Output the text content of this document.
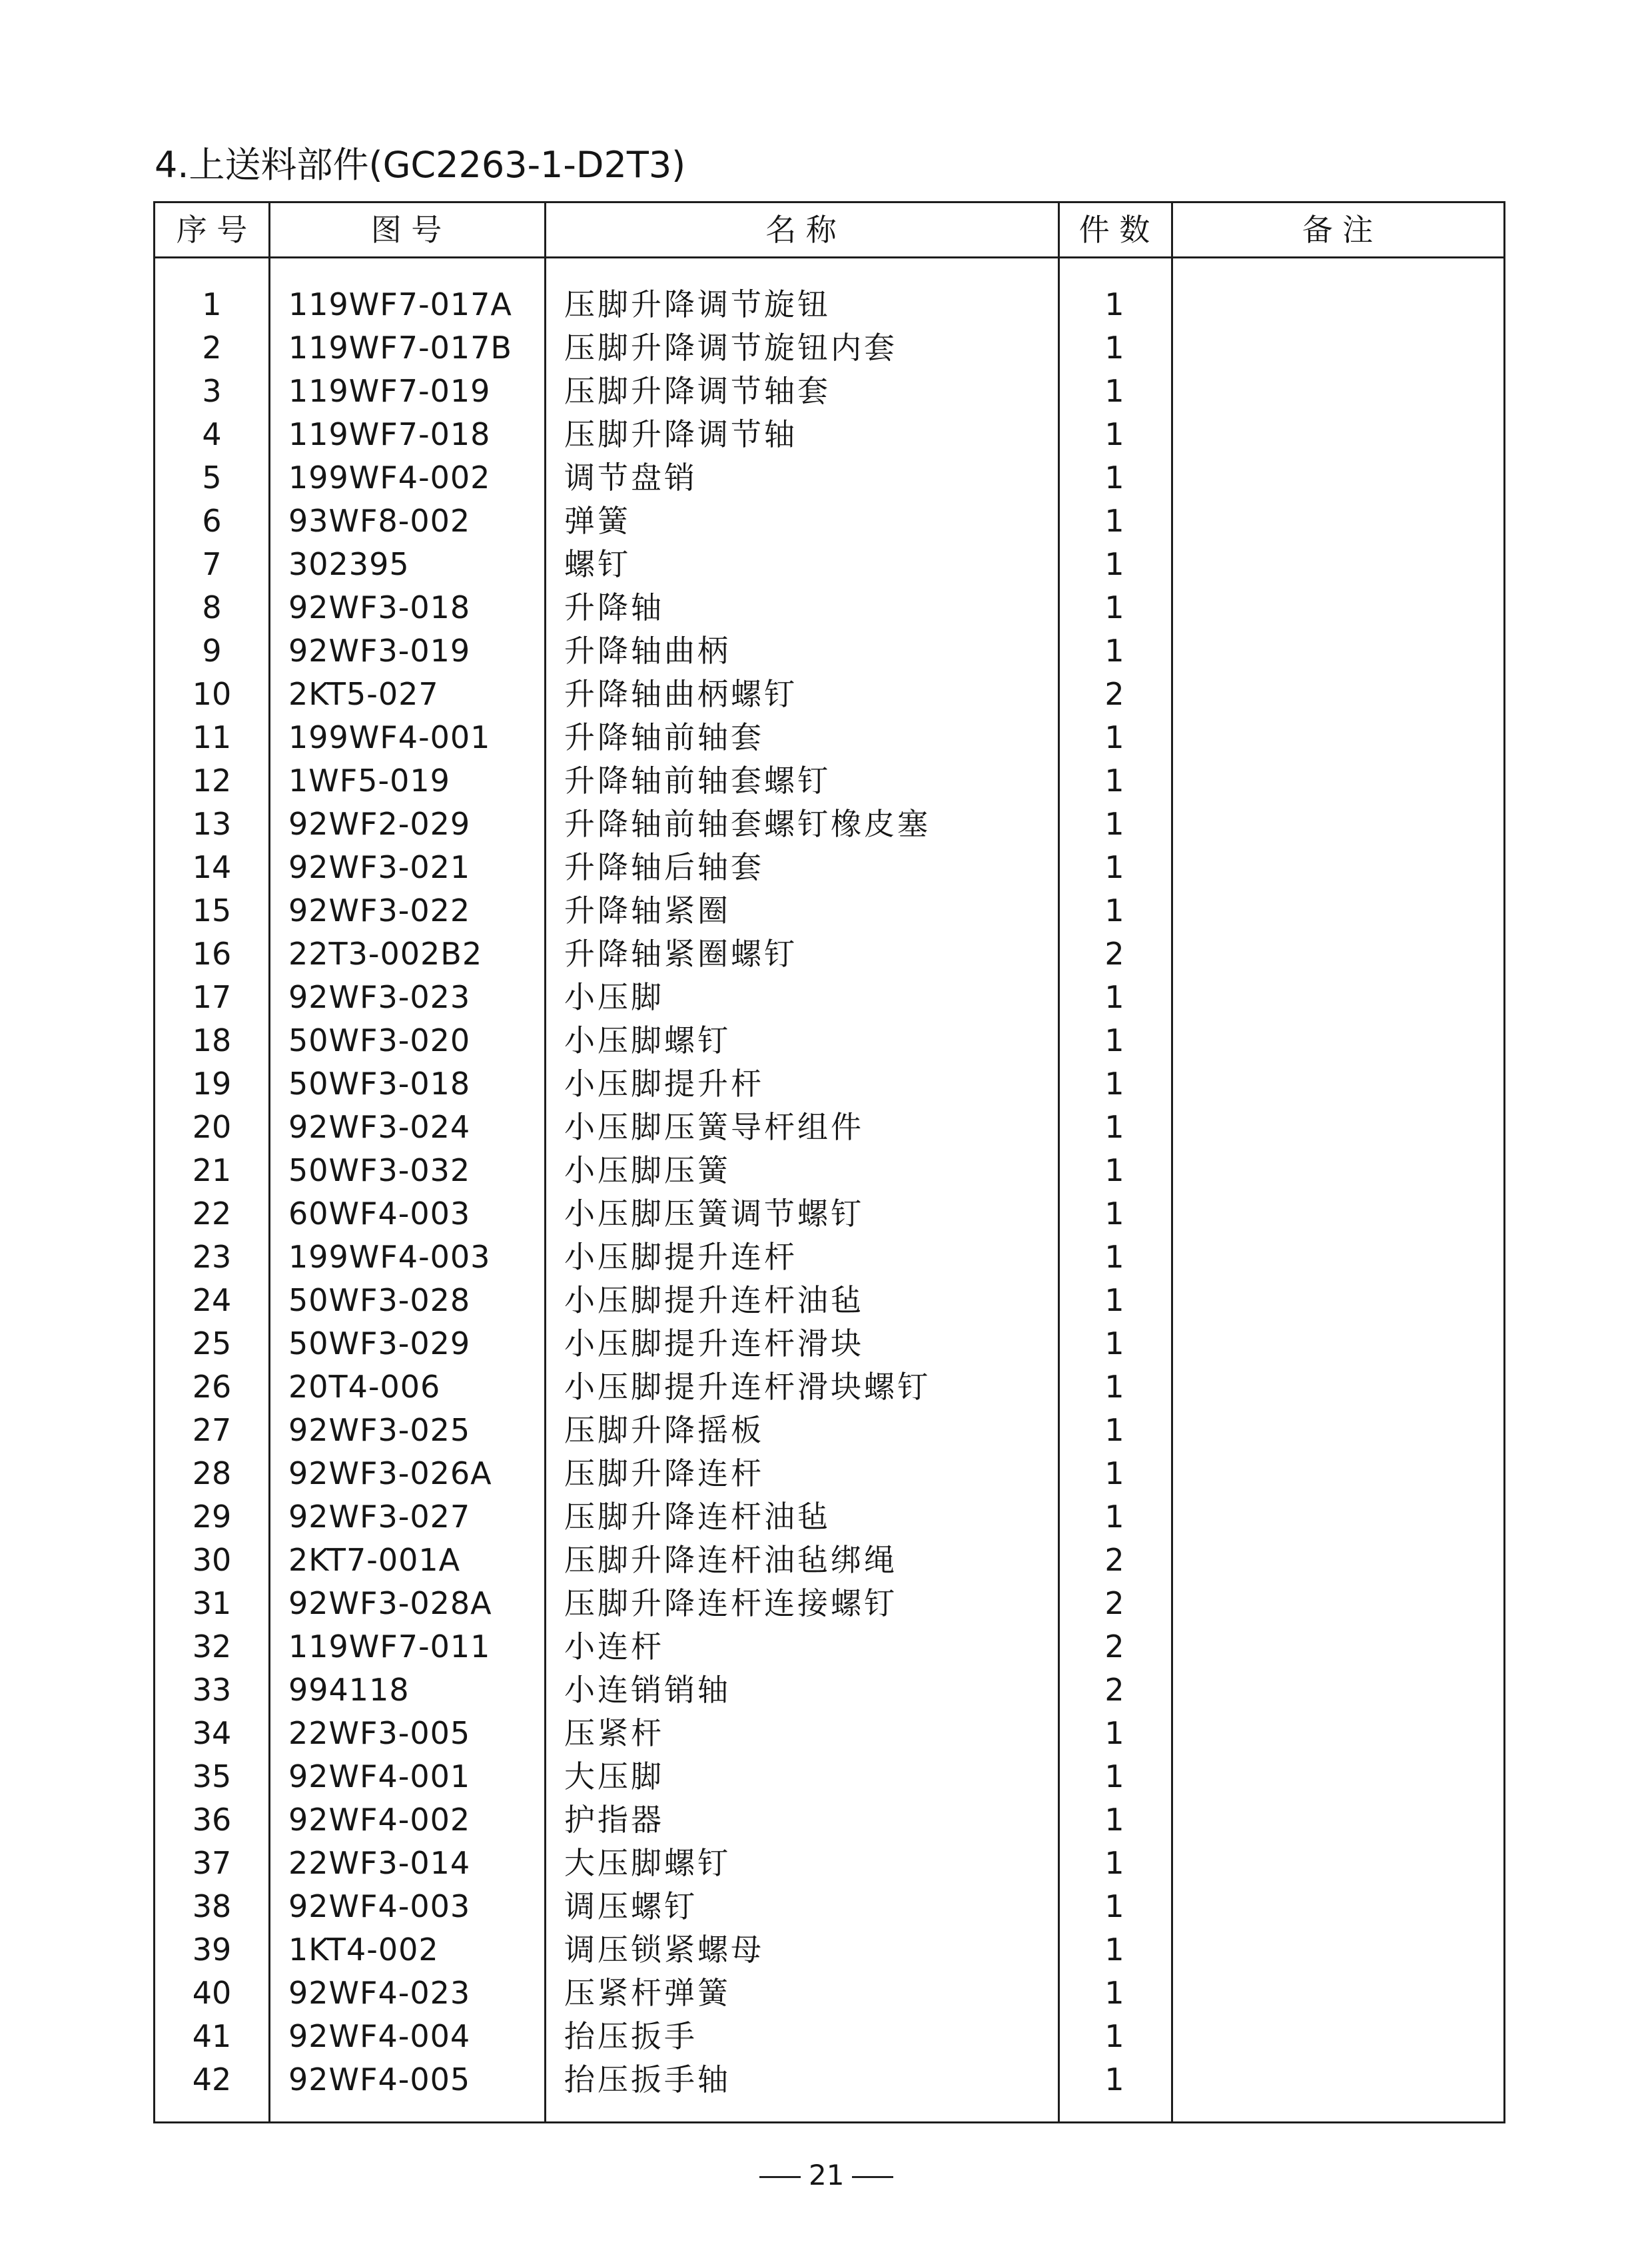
4.上送料部件(GC2263-1-D2T3)
序 号	图 号	名 称	件 数	备 注
1	119WF7-017A	压脚升降调节旋钮	1
2	119WF7-017B	压脚升降调节旋钮内套	1
3	119WF7-019	压脚升降调节轴套	1
4	119WF7-018	压脚升降调节轴	1
5	199WF4-002	调节盘销	1
6	93WF8-002	弹簧	1
7	302395	螺钉	1
8	92WF3-018	升降轴	1
9	92WF3-019	升降轴曲柄	1
10	2KT5-027	升降轴曲柄螺钉	2
11	199WF4-001	升降轴前轴套	1
12	1WF5-019	升降轴前轴套螺钉	1
13	92WF2-029	升降轴前轴套螺钉橡皮塞	1
14	92WF3-021	升降轴后轴套	1
15	92WF3-022	升降轴紧圈	1
16	22T3-002B2	升降轴紧圈螺钉	2
17	92WF3-023	小压脚	1
18	50WF3-020	小压脚螺钉	1
19	50WF3-018	小压脚提升杆	1
20	92WF3-024	小压脚压簧导杆组件	1
21	50WF3-032	小压脚压簧	1
22	60WF4-003	小压脚压簧调节螺钉	1
23	199WF4-003	小压脚提升连杆	1
24	50WF3-028	小压脚提升连杆油毡	1
25	50WF3-029	小压脚提升连杆滑块	1
26	20T4-006	小压脚提升连杆滑块螺钉	1
27	92WF3-025	压脚升降摇板	1
28	92WF3-026A	压脚升降连杆	1
29	92WF3-027	压脚升降连杆油毡	1
30	2KT7-001A	压脚升降连杆油毡绑绳	2
31	92WF3-028A	压脚升降连杆连接螺钉	2
32	119WF7-011	小连杆	2
33	994118	小连销销轴	2
34	22WF3-005	压紧杆	1
35	92WF4-001	大压脚	1
36	92WF4-002	护指器	1
37	22WF3-014	大压脚螺钉	1
38	92WF4-003	调压螺钉	1
39	1KT4-002	调压锁紧螺母	1
40	92WF4-023	压紧杆弹簧	1
41	92WF4-004	抬压扳手	1
42	92WF4-005	抬压扳手轴	1
21
